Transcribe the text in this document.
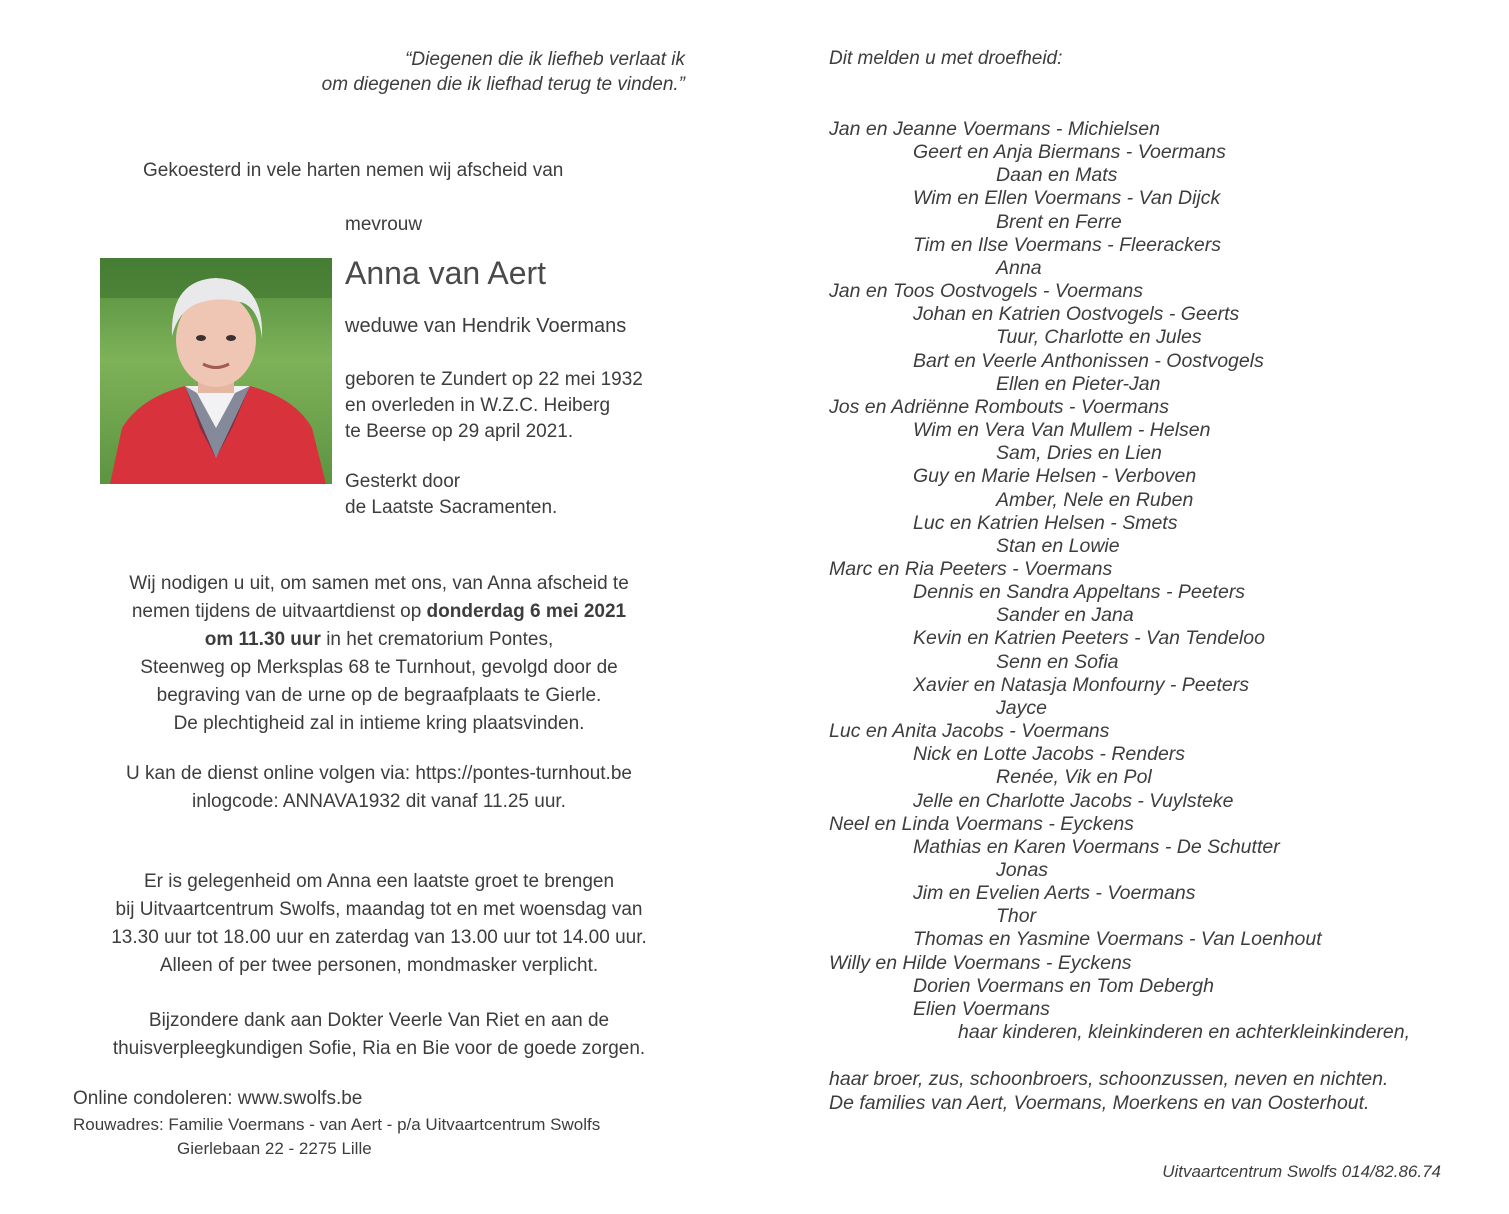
“Diegenen die ik liefheb verlaat ik
om diegenen die ik liefhad terug te vinden.”
Gekoesterd in vele harten nemen wij afscheid van
mevrouw
Anna van Aert
weduwe van Hendrik Voermans
geboren te Zundert op 22 mei 1932
en overleden in W.Z.C. Heiberg
te Beerse op 29 april 2021.
Gesterkt door
de Laatste Sacramenten.
Wij nodigen u uit, om samen met ons, van Anna afscheid te
nemen tijdens de uitvaartdienst op donderdag 6 mei 2021
om 11.30 uur in het crematorium Pontes,
Steenweg op Merksplas 68 te Turnhout, gevolgd door de
begraving van de urne op de begraafplaats te Gierle.
De plechtigheid zal in intieme kring plaatsvinden.
U kan de dienst online volgen via: https://pontes-turnhout.be
inlogcode: ANNAVA1932 dit vanaf 11.25 uur.
Er is gelegenheid om Anna een laatste groet te brengen
bij Uitvaartcentrum Swolfs, maandag tot en met woensdag van
13.30 uur tot 18.00 uur en zaterdag van 13.00 uur tot 14.00 uur.
Alleen of per twee personen, mondmasker verplicht.
Bijzondere dank aan Dokter Veerle Van Riet en aan de
thuisverpleegkundigen Sofie, Ria en Bie voor de goede zorgen.
Online condoleren: www.swolfs.be
Rouwadres: Familie Voermans - van Aert - p/a Uitvaartcentrum Swolfs
Gierlebaan 22 - 2275 Lille
Dit melden u met droefheid:
Jan en Jeanne Voermans - Michielsen
Geert en Anja Biermans - Voermans
Daan en Mats
Wim en Ellen Voermans - Van Dijck
Brent en Ferre
Tim en Ilse Voermans - Fleerackers
Anna
Jan en Toos Oostvogels - Voermans
Johan en Katrien Oostvogels - Geerts
Tuur, Charlotte en Jules
Bart en Veerle Anthonissen - Oostvogels
Ellen en Pieter-Jan
Jos en Adriënne Rombouts - Voermans
Wim en Vera Van Mullem - Helsen
Sam, Dries en Lien
Guy en Marie Helsen - Verboven
Amber, Nele en Ruben
Luc en Katrien Helsen - Smets
Stan en Lowie
Marc en Ria Peeters - Voermans
Dennis en Sandra Appeltans - Peeters
Sander en Jana
Kevin en Katrien Peeters - Van Tendeloo
Senn en Sofia
Xavier en Natasja Monfourny - Peeters
Jayce
Luc en Anita Jacobs - Voermans
Nick en Lotte Jacobs - Renders
Renée, Vik en Pol
Jelle en Charlotte Jacobs - Vuylsteke
Neel en Linda Voermans - Eyckens
Mathias en Karen Voermans - De Schutter
Jonas
Jim en Evelien Aerts - Voermans
Thor
Thomas en Yasmine Voermans - Van Loenhout
Willy en Hilde Voermans - Eyckens
Dorien Voermans en Tom Debergh
Elien Voermans
haar kinderen, kleinkinderen en achterkleinkinderen,
haar broer, zus, schoonbroers, schoonzussen, neven en nichten.
De families van Aert, Voermans, Moerkens en van Oosterhout.
Uitvaartcentrum Swolfs 014/82.86.74
